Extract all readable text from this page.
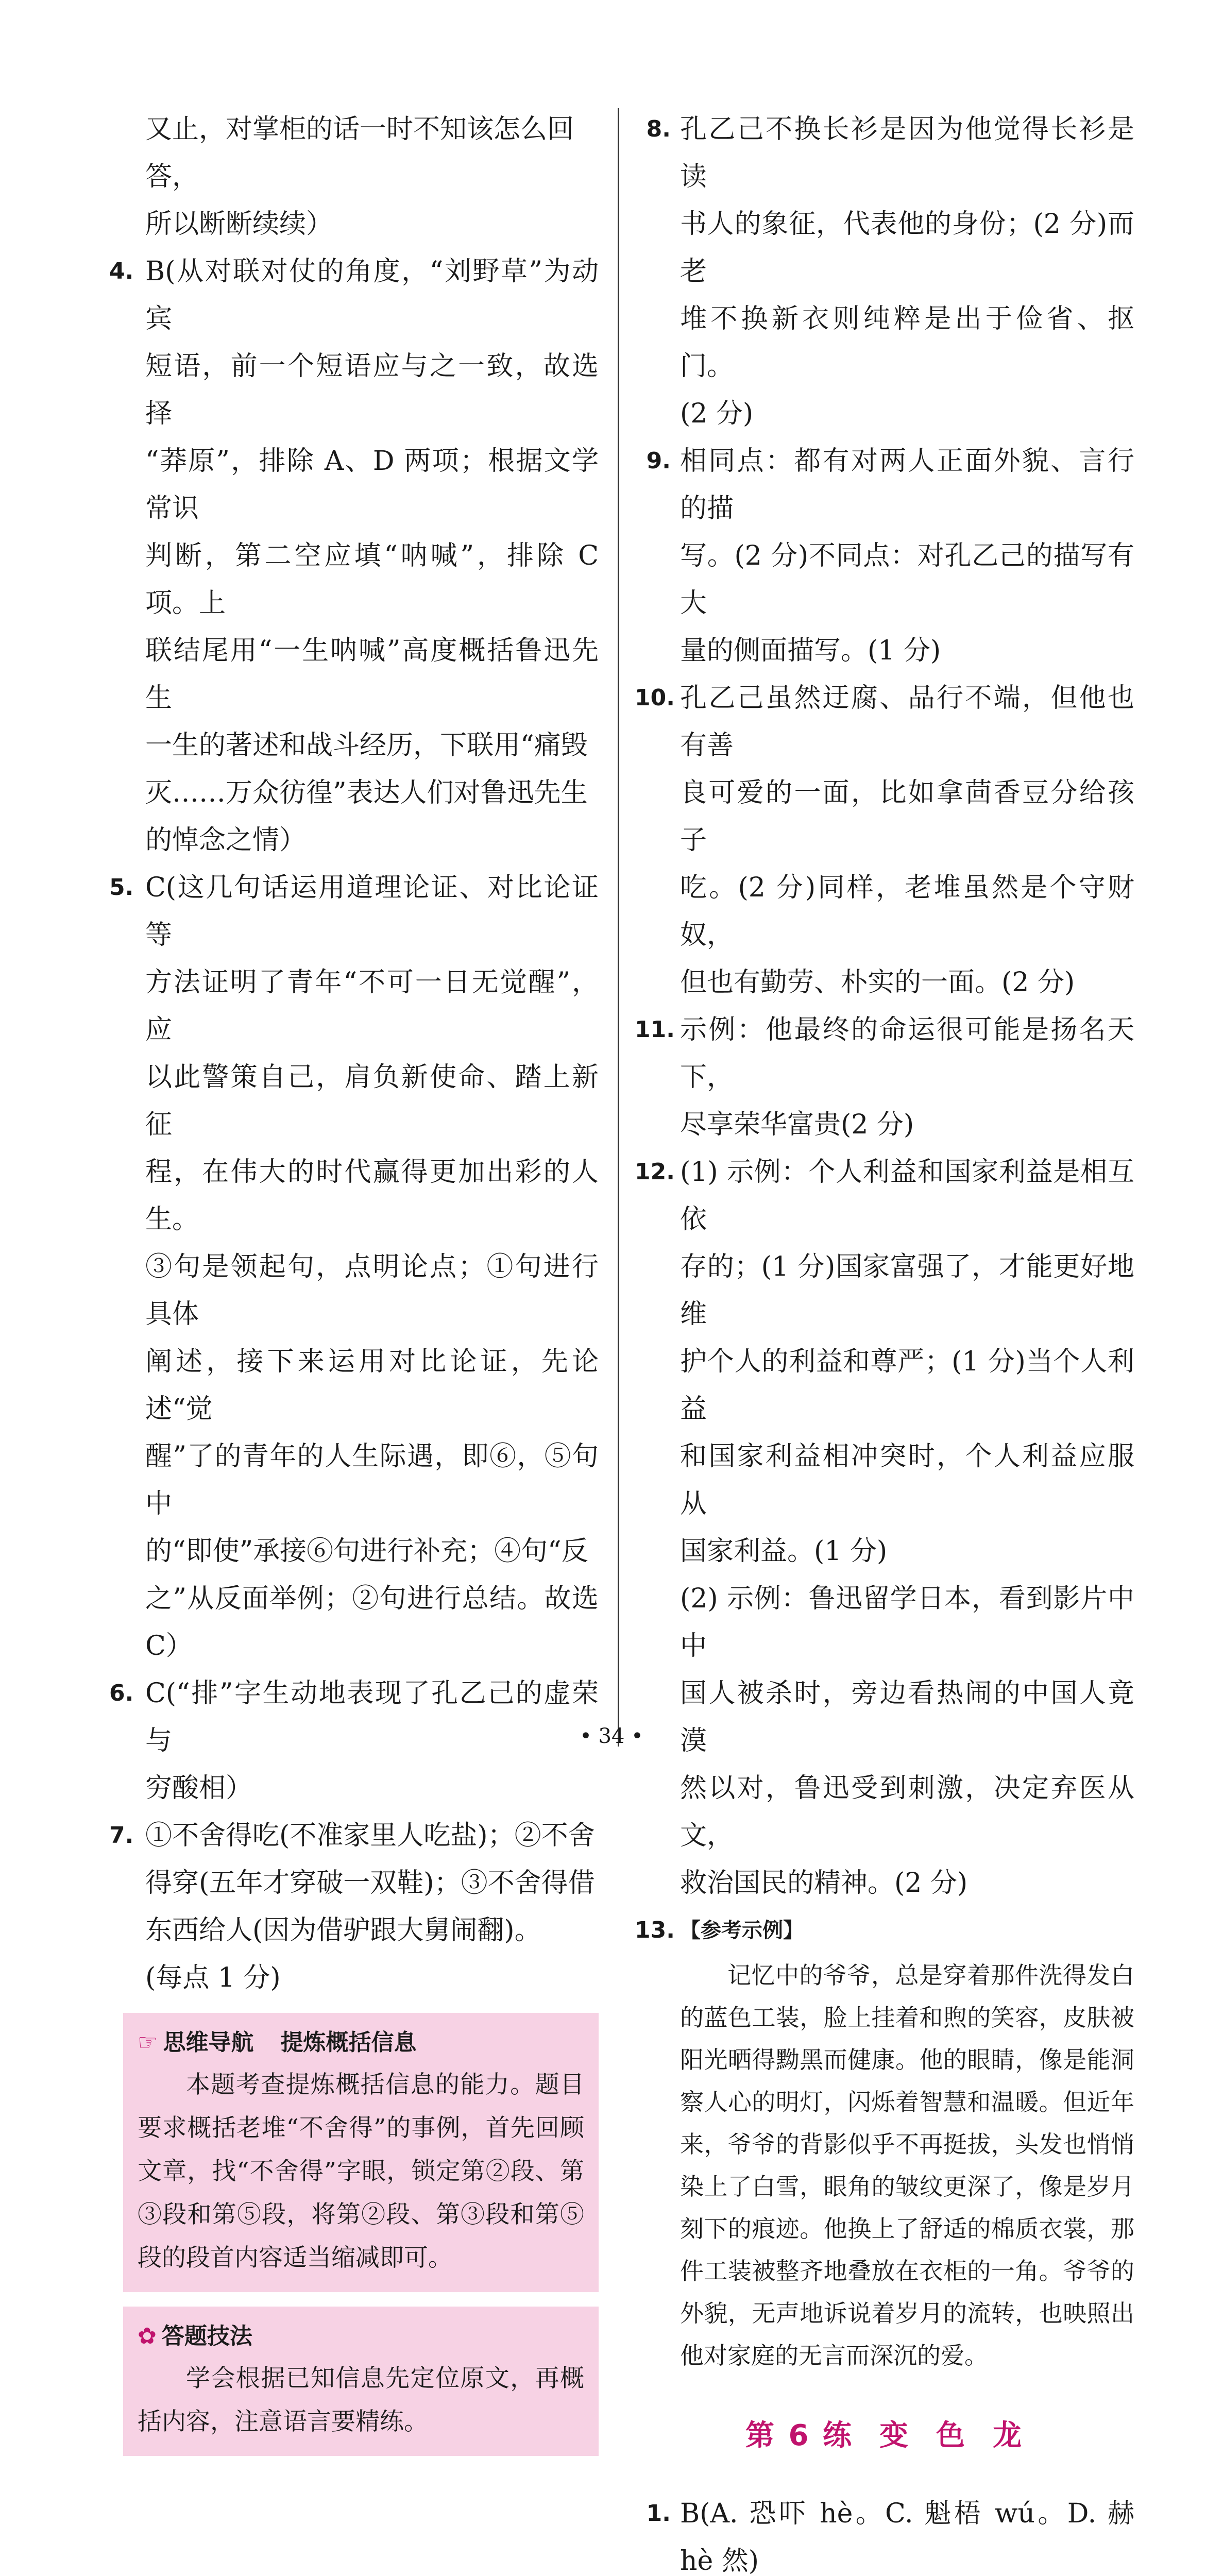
又止，对掌柜的话一时不知该怎么回答，

所以断断续续）

4. B(从对联对仗的角度，“刘野草”为动宾

短语，前一个短语应与之一致，故选择

“莽原”，排除 A、D 两项；根据文学常识

判断，第二空应填“呐喊”，排除 C 项。上

联结尾用“一生呐喊”高度概括鲁迅先生

一生的著述和战斗经历，下联用“痛毁

灭……万众彷徨”表达人们对鲁迅先生

的悼念之情）

5. C(这几句话运用道理论证、对比论证等

方法证明了青年“不可一日无觉醒”，应

以此警策自己，肩负新使命、踏上新征

程，在伟大的时代赢得更加出彩的人生。

③句是领起句，点明论点；①句进行具体

阐述，接下来运用对比论证，先论述“觉

醒”了的青年的人生际遇，即⑥，⑤句中

的“即使”承接⑥句进行补充；④句“反

之”从反面举例；②句进行总结。故选 C）

6. C(“排”字生动地表现了孔乙己的虚荣与

穷酸相）

7. ①不舍得吃(不准家里人吃盐)；②不舍

得穿(五年才穿破一双鞋)；③不舍得借

东西给人(因为借驴跟大舅闹翻)。

(每点 1 分)

☞ 思维导航 提炼概括信息

本题考查提炼概括信息的能力。题目要求概括老堆“不舍得”的事例，首先回顾文章，找“不舍得”字眼，锁定第②段、第③段和第⑤段，将第②段、第③段和第⑤段的段首内容适当缩减即可。

✿ 答题技法

学会根据已知信息先定位原文，再概括内容，注意语言要精练。

8. 孔乙己不换长衫是因为他觉得长衫是读

书人的象征，代表他的身份；(2 分)而老

堆不换新衣则纯粹是出于俭省、抠门。

(2 分)

9. 相同点：都有对两人正面外貌、言行的描

写。(2 分)不同点：对孔乙己的描写有大

量的侧面描写。(1 分)

10. 孔乙己虽然迂腐、品行不端，但他也有善

良可爱的一面，比如拿茴香豆分给孩子

吃。(2 分)同样，老堆虽然是个守财奴，

但也有勤劳、朴实的一面。(2 分)

11. 示例：他最终的命运很可能是扬名天下，

尽享荣华富贵(2 分)

12. (1) 示例：个人利益和国家利益是相互依

存的；(1 分)国家富强了，才能更好地维

护个人的利益和尊严；(1 分)当个人利益

和国家利益相冲突时，个人利益应服从

国家利益。(1 分)

(2) 示例：鲁迅留学日本，看到影片中中

国人被杀时，旁边看热闹的中国人竟漠

然以对，鲁迅受到刺激，决定弃医从文，

救治国民的精神。(2 分)

13. 【参考示例】

记忆中的爷爷，总是穿着那件洗得发白的蓝色工装，脸上挂着和煦的笑容，皮肤被阳光晒得黝黑而健康。他的眼睛，像是能洞察人心的明灯，闪烁着智慧和温暖。但近年来，爷爷的背影似乎不再挺拔，头发也悄悄染上了白雪，眼角的皱纹更深了，像是岁月刻下的痕迹。他换上了舒适的棉质衣裳，那件工装被整齐地叠放在衣柜的一角。爷爷的外貌，无声地诉说着岁月的流转，也映照出他对家庭的无言而深沉的爱。

第 6 练 变 色 龙
1. B(A. 恐吓 hè。C. 魁梧 wú。D. 赫 hè 然)

• 34 •
